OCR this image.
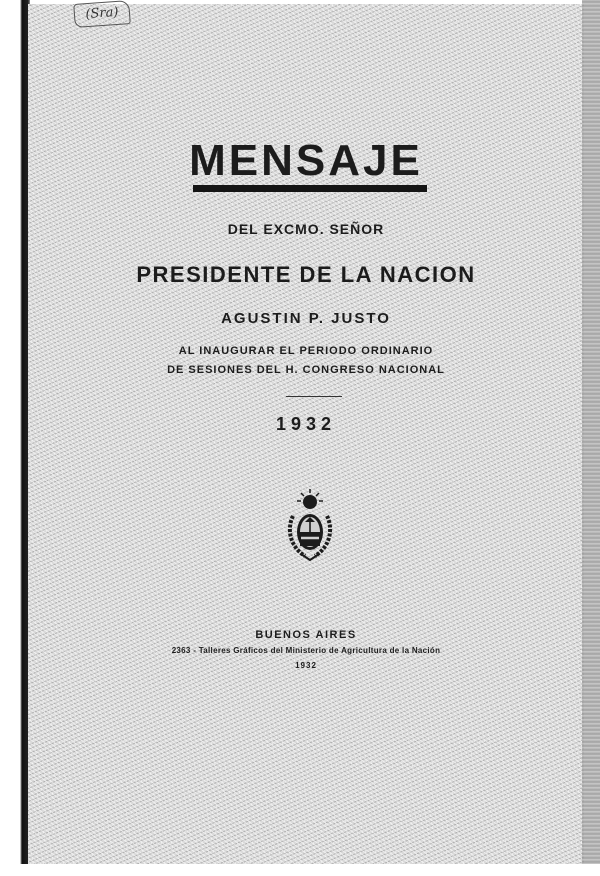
(Sra)
MENSAJE
DEL EXCMO. SEÑOR
PRESIDENTE DE LA NACION
AGUSTIN P. JUSTO
AL INAUGURAR EL PERIODO ORDINARIO
DE SESIONES DEL H. CONGRESO NACIONAL
1932
BUENOS AIRES
2363 - Talleres Gráficos del Ministerio de Agricultura de la Nación
1932
